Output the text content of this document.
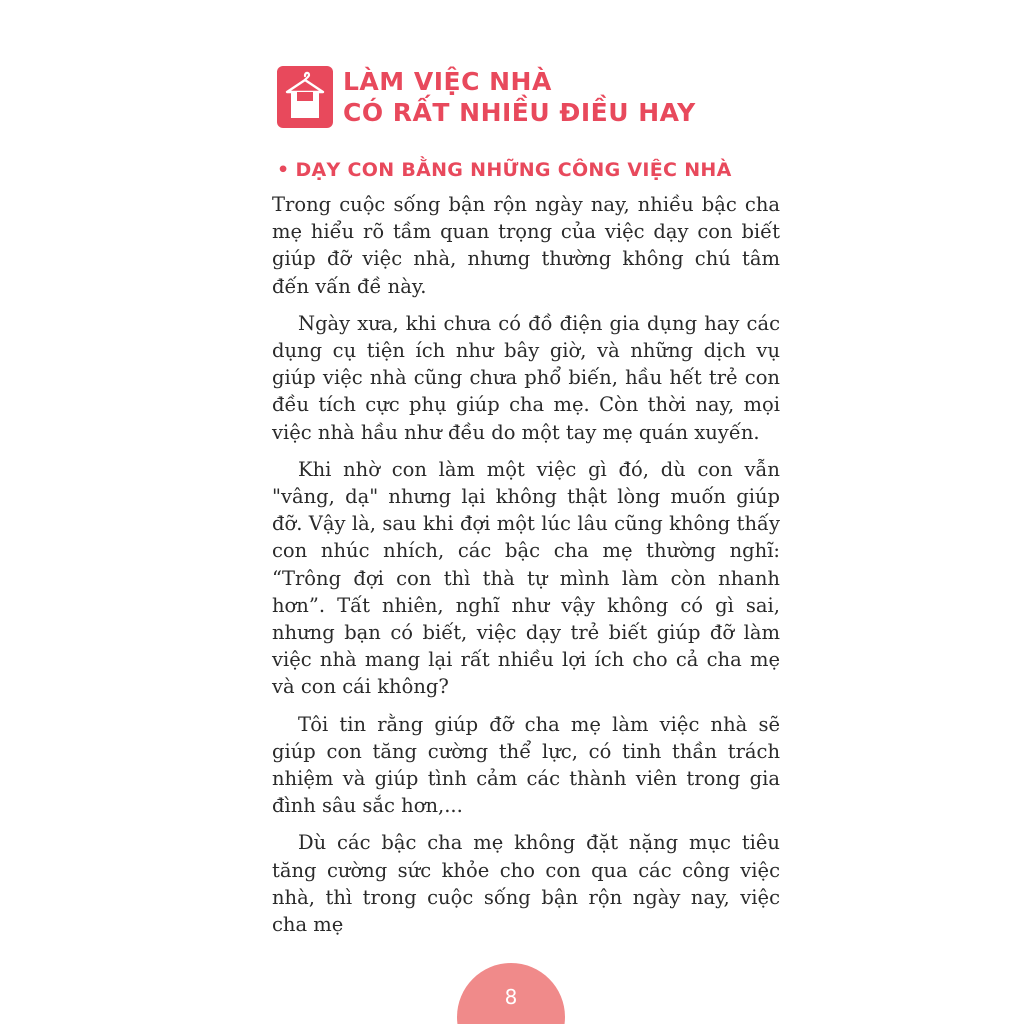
LÀM VIỆC NHÀ
CÓ RẤT NHIỀU ĐIỀU HAY
• DẠY CON BẰNG NHỮNG CÔNG VIỆC NHÀ

Trong cuộc sống bận rộn ngày nay, nhiều bậc cha mẹ hiểu rõ tầm quan trọng của việc dạy con biết giúp đỡ việc nhà, nhưng thường không chú tâm đến vấn đề này.

Ngày xưa, khi chưa có đồ điện gia dụng hay các dụng cụ tiện ích như bây giờ, và những dịch vụ giúp việc nhà cũng chưa phổ biến, hầu hết trẻ con đều tích cực phụ giúp cha mẹ. Còn thời nay, mọi việc nhà hầu như đều do một tay mẹ quán xuyến.

Khi nhờ con làm một việc gì đó, dù con vẫn "vâng, dạ" nhưng lại không thật lòng muốn giúp đỡ. Vậy là, sau khi đợi một lúc lâu cũng không thấy con nhúc nhích, các bậc cha mẹ thường nghĩ: “Trông đợi con thì thà tự mình làm còn nhanh hơn”. Tất nhiên, nghĩ như vậy không có gì sai, nhưng bạn có biết, việc dạy trẻ biết giúp đỡ làm việc nhà mang lại rất nhiều lợi ích cho cả cha mẹ và con cái không?

Tôi tin rằng giúp đỡ cha mẹ làm việc nhà sẽ giúp con tăng cường thể lực, có tinh thần trách nhiệm và giúp tình cảm các thành viên trong gia đình sâu sắc hơn,...

Dù các bậc cha mẹ không đặt nặng mục tiêu tăng cường sức khỏe cho con qua các công việc nhà, thì trong cuộc sống bận rộn ngày nay, việc cha mẹ

8
